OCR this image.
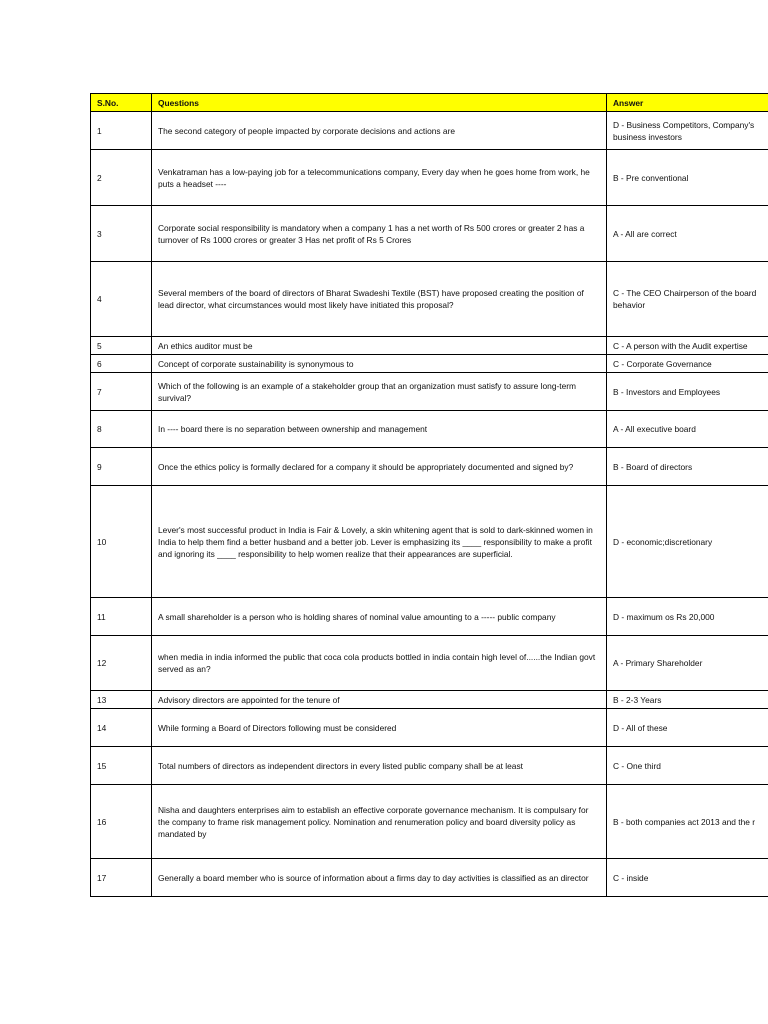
S.No.	Questions	Answer
1	The second category of people impacted by corporate decisions and actions are	D - Business Competitors, Company's business investors
2	Venkatraman has a low-paying job for a telecommunications company, Every day when he goes home from work, he puts a headset ----	B - Pre conventional
3	Corporate social responsibility is mandatory when a company 1 has a net worth of Rs 500 crores or greater 2 has a turnover of Rs 1000 crores or greater 3 Has net profit of Rs 5 Crores	A - All are correct
4	Several members of the board of directors of Bharat Swadeshi Textile (BST) have proposed creating the position of lead director, what circumstances would most likely have initiated this proposal?	C - The CEO Chairperson of the board behavior
5	An ethics auditor must be	C - A person with the Audit expertise
6	Concept of corporate sustainability is synonymous to	C - Corporate Governance
7	Which of the following is an example of a stakeholder group that an organization must satisfy to assure long-term survival?	B - Investors and Employees
8	In ---- board there is no separation between ownership and management	A - All executive board
9	Once the ethics policy is formally declared for a company it should be appropriately documented and signed by?	B - Board of directors
10	Lever's most successful product in India is Fair & Lovely, a skin whitening agent that is sold to dark-skinned women in India to help them find a better husband and a better job. Lever is emphasizing its ____ responsibility to make a profit and ignoring its ____ responsibility to help women realize that their appearances are superficial.	D - economic;discretionary
11	A small shareholder is a person who is holding shares of nominal value amounting to a ----- public company	D - maximum os Rs 20,000
12	when media in india informed the public that coca cola products bottled in india contain high level of......the Indian govt served as an?	A - Primary Shareholder
13	Advisory directors are appointed for the tenure of	B - 2-3 Years
14	While forming a Board of Directors following must be considered	D - All of these
15	Total numbers of directors as independent directors in every listed public company shall be at least	C - One third
16	Nisha and daughters enterprises aim to establish an effective corporate governance mechanism. It is compulsary for the company to frame risk management policy. Nomination and renumeration policy and board diversity policy as mandated by	B - both companies act 2013 and the r
17	Generally a board member who is source of information about a firms day to day activities is classified as an director	C - inside
